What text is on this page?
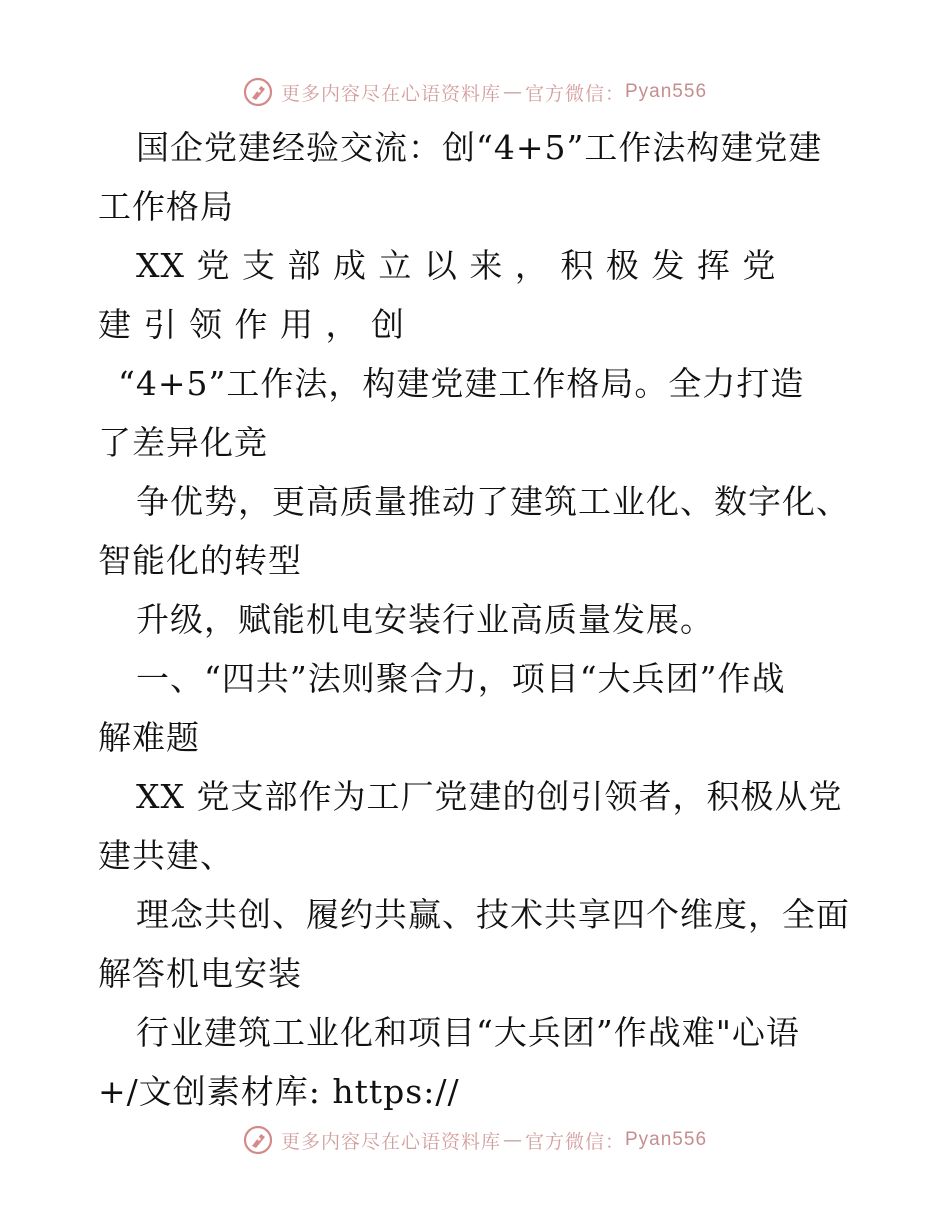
更多内容尽在心语资料库 — 官方微信： Pyan556
国企党建经验交流：创“4+5”工作法构建党建
工作格局
XX 党 支 部 成 立 以 来 ， 积 极 发 挥 党
建 引 领 作 用 ， 创
“4+5”工作法，构建党建工作格局。全力打造
了差异化竞
争优势，更高质量推动了建筑工业化、数字化、
智能化的转型
升级，赋能机电安装行业高质量发展。
一、“四共”法则聚合力，项目“大兵团”作战
解难题
XX 党支部作为工厂党建的创引领者，积极从党
建共建、
理念共创、履约共赢、技术共享四个维度，全面
解答机电安装
行业建筑工业化和项目“大兵团”作战难"心语
+/文创素材库: https://
更多内容尽在心语资料库 — 官方微信： Pyan556
